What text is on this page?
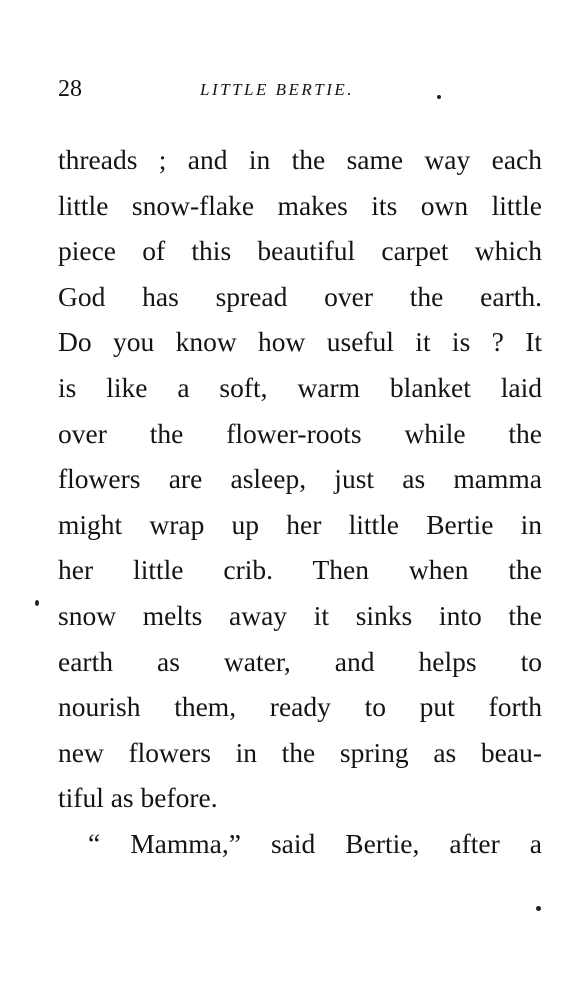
28	LITTLE BERTIE.
threads ; and in the same way each
little snow-flake makes its own little
piece of this beautiful carpet which
God has spread over the earth.
Do you know how useful it is ? It
is like a soft, warm blanket laid
over the flower-roots while the
flowers are asleep, just as mamma
might wrap up her little Bertie in
her little crib. Then when the
snow melts away it sinks into the
earth as water, and helps to
nourish them, ready to put forth
new flowers in the spring as beau-
tiful as before.
“ Mamma,” said Bertie, after a
